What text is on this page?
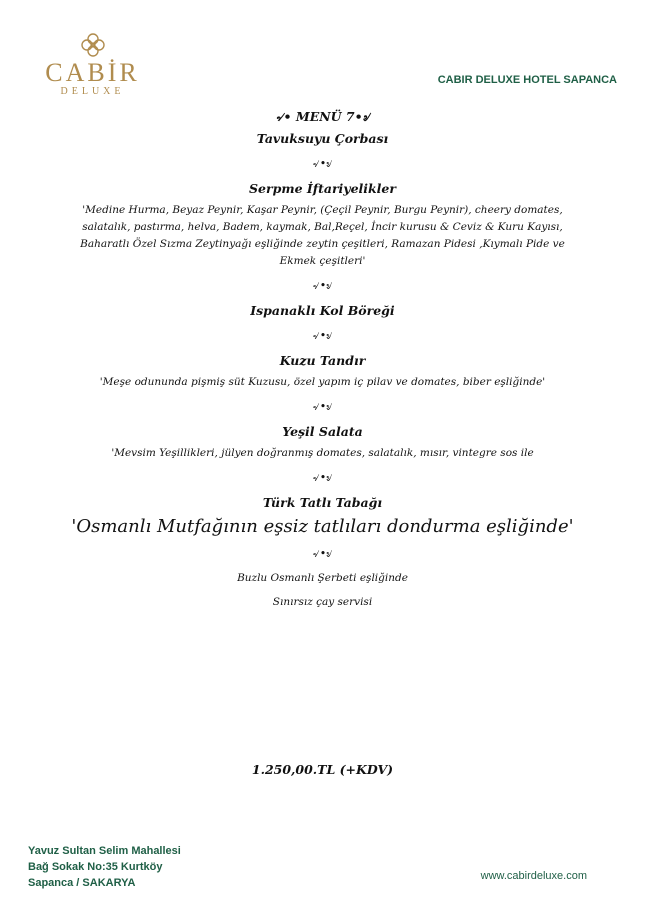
CABİR
DELUXE
CABIR DELUXE HOTEL SAPANCA
৵• MENÜ 7•৶
Tavuksuyu Çorbası
৵•৶
Serpme İftariyelikler
'Medine Hurma, Beyaz Peynir, Kaşar Peynir, (Çeçil Peynir, Burgu Peynir), cheery domates, salatalık, pastırma, helva, Badem, kaymak, Bal,Reçel, İncir kurusu & Ceviz & Kuru Kayısı, Baharatlı Özel Sızma Zeytinyağı eşliğinde zeytin çeşitleri, Ramazan Pidesi ,Kıymalı Pide ve Ekmek çeşitleri'
৵•৶
Ispanaklı Kol Böreği
৵•৶
Kuzu Tandır
'Meşe odununda pişmiş süt Kuzusu, özel yapım iç pilav ve domates, biber eşliğinde'
৵•৶
Yeşil Salata
'Mevsim Yeşillikleri, jülyen doğranmış domates, salatalık, mısır, vintegre sos ile
৵•৶
Türk Tatlı Tabağı
'Osmanlı Mutfağının eşsiz tatlıları dondurma eşliğinde'
৵•৶
Buzlu Osmanlı Şerbeti eşliğinde
Sınırsız çay servisi
1.250,00.TL (+KDV)
Yavuz Sultan Selim Mahallesi
Bağ Sokak No:35 Kurtköy
Sapanca / SAKARYA
www.cabirdeluxe.com
